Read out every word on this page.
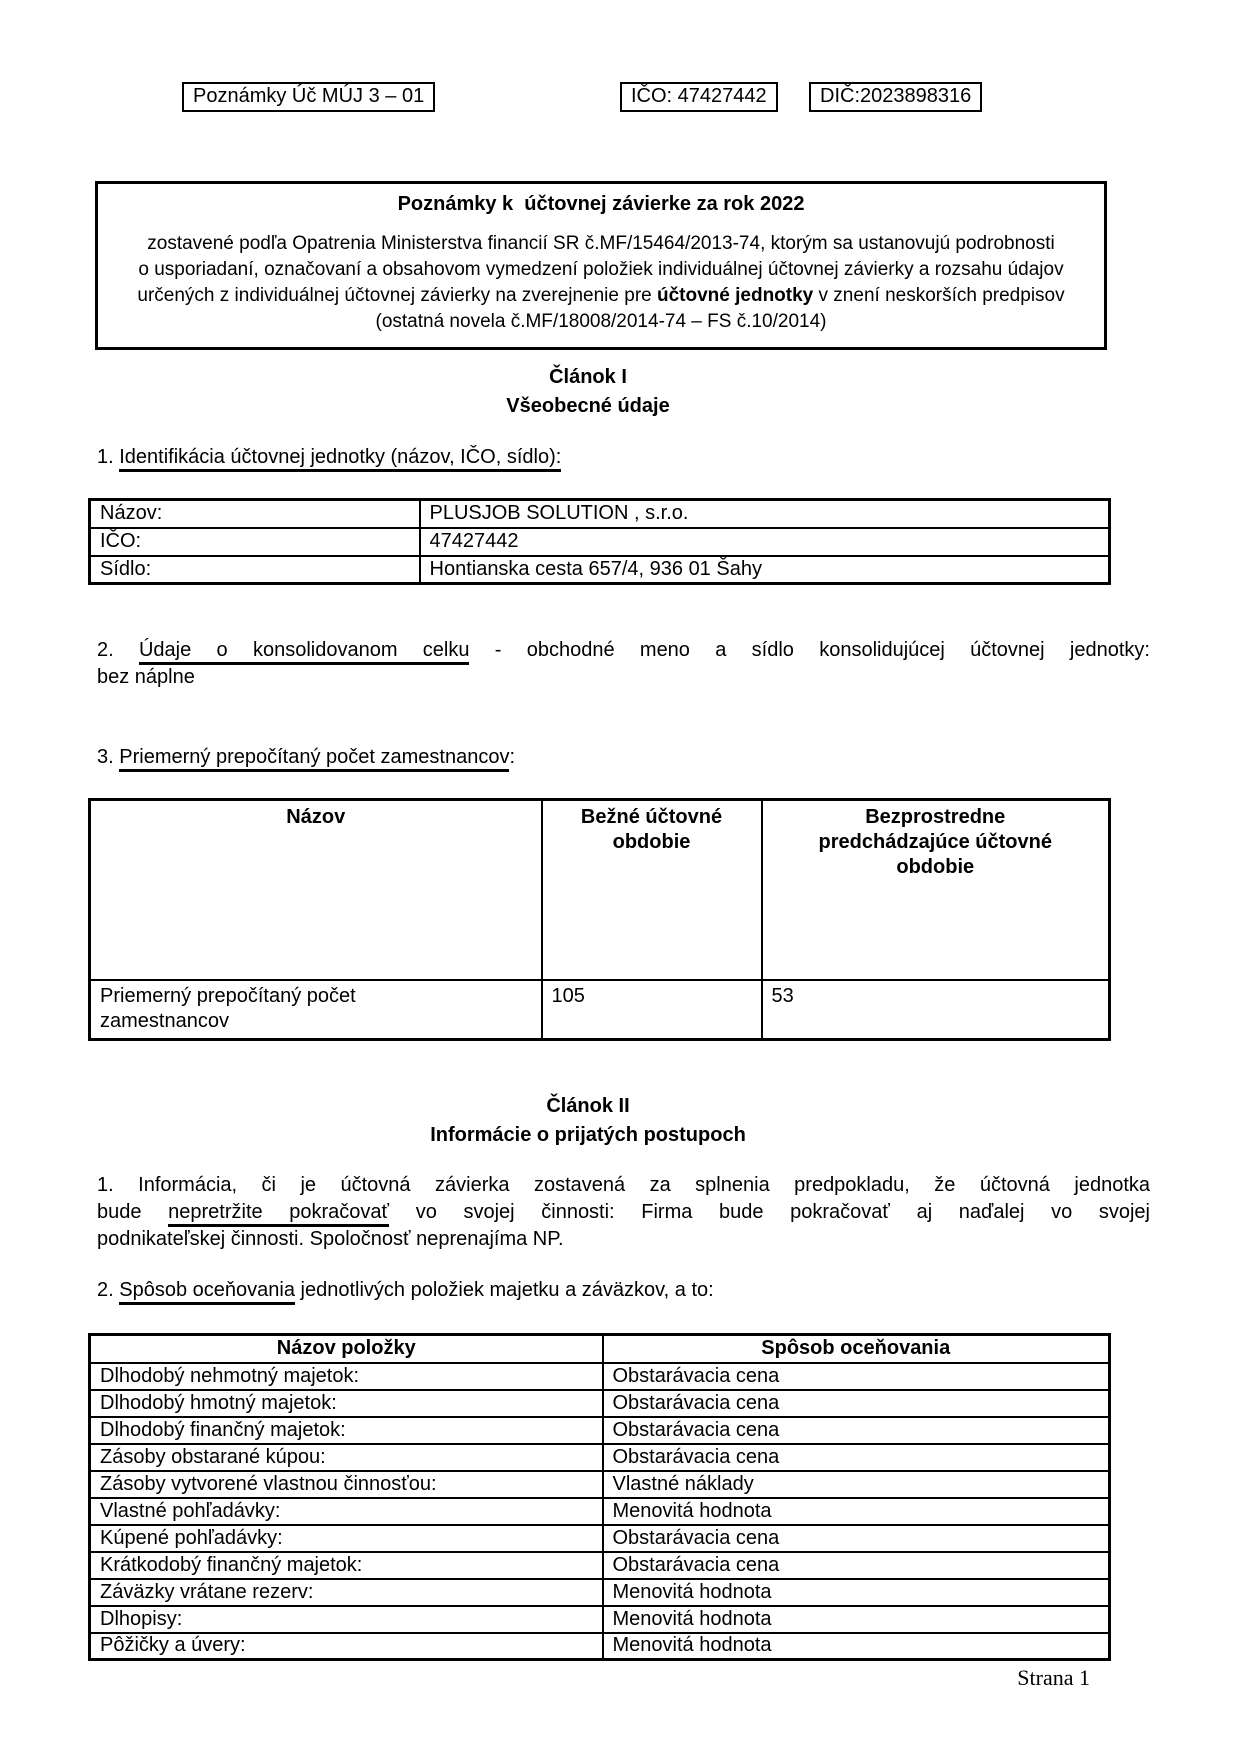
Poznámky Úč MÚJ 3 – 01	IČO: 47427442	DIČ:2023898316
Poznámky k  účtovnej závierke za rok 2022
zostavené podľa Opatrenia Ministerstva financií SR č.MF/15464/2013-74, ktorým sa ustanovujú podrobnosti
o usporiadaní, označovaní a obsahovom vymedzení položiek individuálnej účtovnej závierky a rozsahu údajov
určených z individuálnej účtovnej závierky na zverejnenie pre účtovné jednotky v znení neskorších predpisov
(ostatná novela č.MF/18008/2014-74 – FS č.10/2014)
Článok I
Všeobecné údaje
1. Identifikácia účtovnej jednotky (názov, IČO, sídlo):
Názov:	PLUSJOB SOLUTION , s.r.o.
IČO:	47427442
Sídlo:	Hontianska cesta 657/4, 936 01 Šahy
2. Údaje o konsolidovanom celku - obchodné meno a sídlo konsolidujúcej účtovnej jednotky:
bez náplne
3. Priemerný prepočítaný počet zamestnancov:
Názov	Bežné účtovné obdobie	Bezprostredne predchádzajúce účtovné obdobie

Priemerný prepočítaný počet zamestnancov	105	53
Článok II
Informácie o prijatých postupoch
1. Informácia, či je účtovná závierka zostavená za splnenia predpokladu, že účtovná jednotka
bude nepretržite pokračovať vo svojej činnosti: Firma bude pokračovať aj naďalej vo svojej
podnikateľskej činnosti. Spoločnosť neprenajíma NP.
2. Spôsob oceňovania jednotlivých položiek majetku a záväzkov, a to:
Názov položky	Spôsob oceňovania
Dlhodobý nehmotný majetok:	Obstarávacia cena
Dlhodobý hmotný majetok:	Obstarávacia cena
Dlhodobý finančný majetok:	Obstarávacia cena
Zásoby obstarané kúpou:	Obstarávacia cena
Zásoby vytvorené vlastnou činnosťou:	Vlastné náklady
Vlastné pohľadávky:	Menovitá hodnota
Kúpené pohľadávky:	Obstarávacia cena
Krátkodobý finančný majetok:	Obstarávacia cena
Záväzky vrátane rezerv:	Menovitá hodnota
Dlhopisy:	Menovitá hodnota
Pôžičky a úvery:	Menovitá hodnota
Strana 1
